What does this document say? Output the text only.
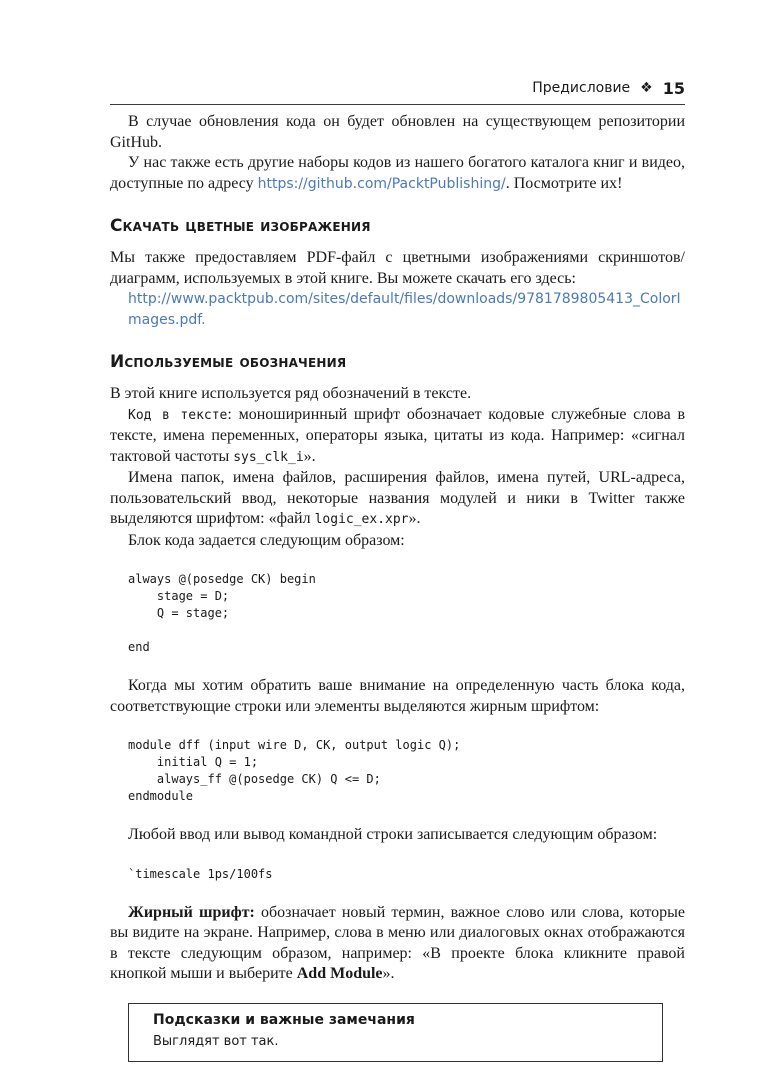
Предисловие ❖ 15

В случае обновления кода он будет обновлен на существующем репозитории GitHub.

У нас также есть другие наборы кодов из нашего богатого каталога книг и видео, доступные по адресу https://github.com/PacktPublishing/. Посмотрите их!

Скачать цветные изображения

Мы также предоставляем PDF-файл с цветными изображениями скриншотов/диаграмм, используемых в этой книге. Вы можете скачать его здесь:

http://www.packtpub.com/sites/default/files/downloads/9781789805413_ColorImages.pdf.
Используемые обозначения

В этой книге используется ряд обозначений в тексте.

Код в тексте: моноширинный шрифт обозначает кодовые служебные слова в тексте, имена переменных, операторы языка, цитаты из кода. Например: «сигнал тактовой частоты sys_clk_i».

Имена папок, имена файлов, расширения файлов, имена путей, URL-адреса, пользовательский ввод, некоторые названия модулей и ники в Twitter также выделяются шрифтом: «файл logic_ex.xpr».

Блок кода задается следующим образом:

always @(posedge CK) begin
stage = D;
Q = stage;

end

Когда мы хотим обратить ваше внимание на определенную часть блока кода, соответствующие строки или элементы выделяются жирным шрифтом:

module dff (input wire D, CK, output logic Q);
initial Q = 1;
always_ff @(posedge CK) Q <= D;
endmodule

Любой ввод или вывод командной строки записывается следующим образом:

`timescale 1ps/100fs

Жирный шрифт: обозначает новый термин, важное слово или слова, которые вы видите на экране. Например, слова в меню или диалоговых окнах отображаются в тексте следующим образом, например: «В проекте блока кликните правой кнопкой мыши и выберите Add Module».

Подсказки и важные замечания
Выглядят вот так.
